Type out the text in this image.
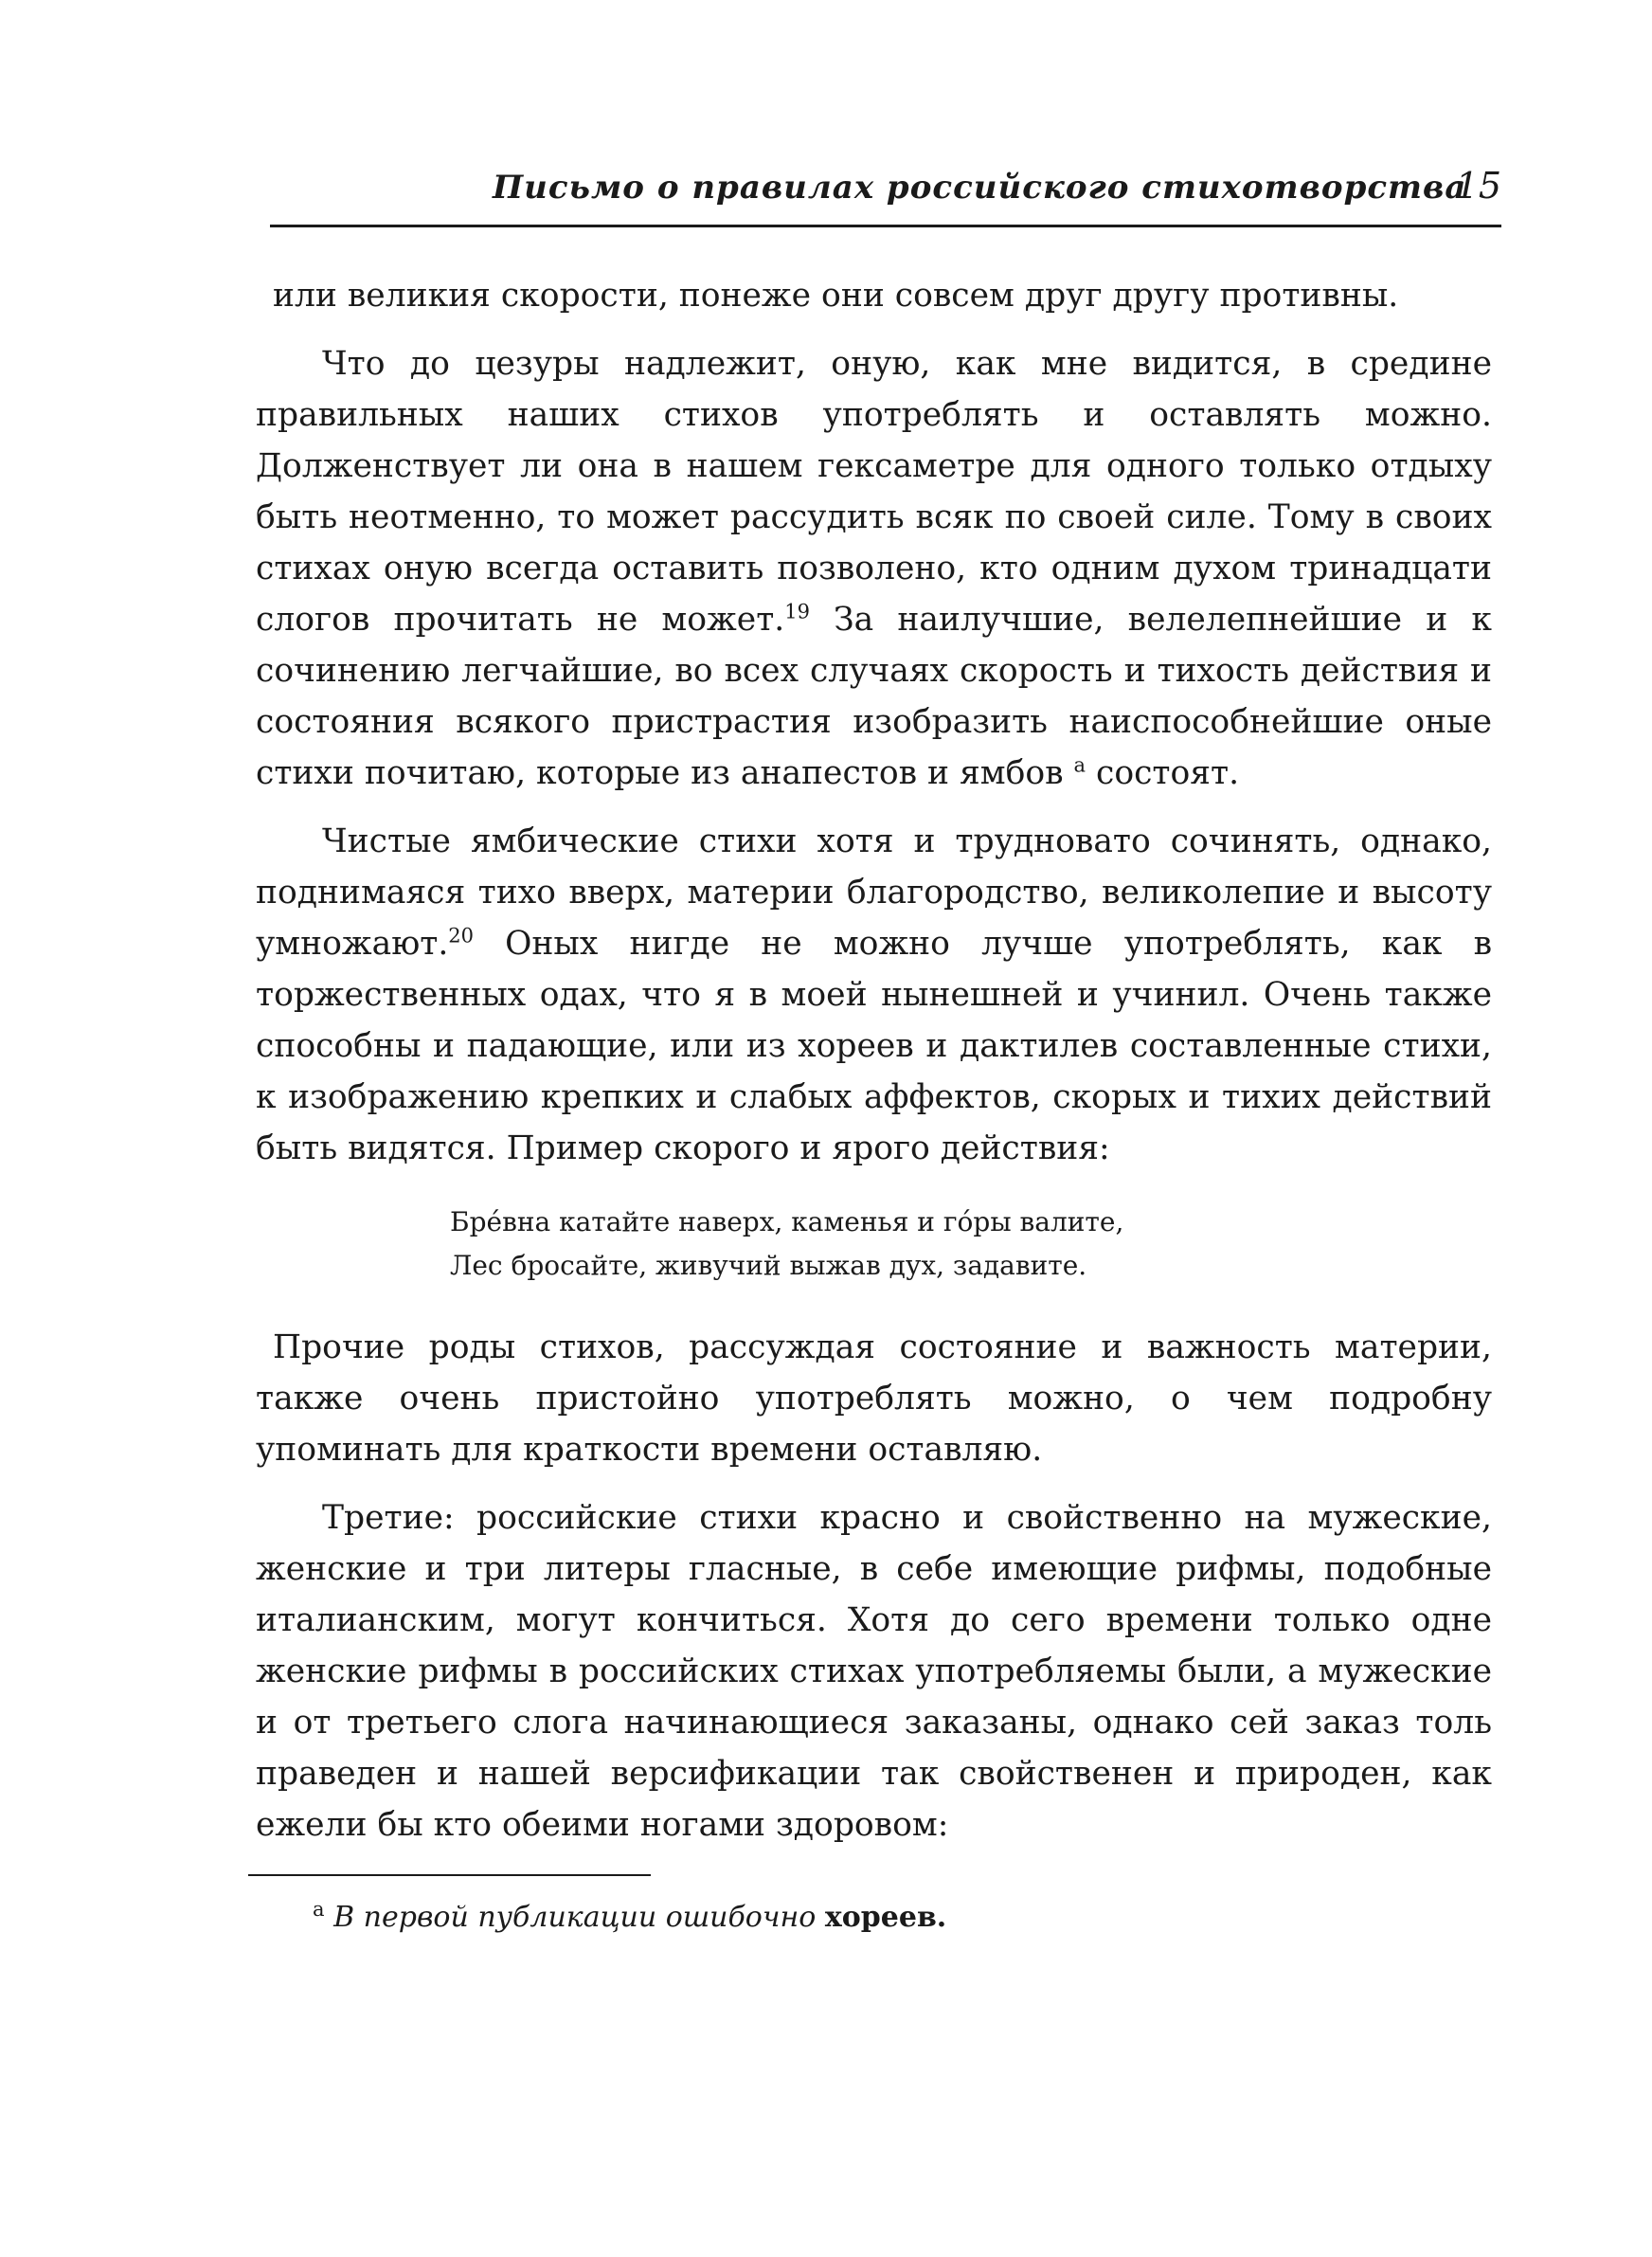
Письмо о правилах российского стихотворства
15

или великия скорости, понеже они совсем друг другу противны.

Что до цезуры надлежит, оную, как мне видится, в средине правильных наших стихов употреблять и оставлять можно. Долженствует ли она в нашем гексаметре для одного только отдыху быть неотменно, то может рассудить всяк по своей силе. Тому в своих стихах оную всегда оставить позволено, кто одним духом тринадцати слогов прочитать не может.$^{19}$ За наилучшие, велелепнейшие и к сочинению легчайшие, во всех случаях скорость и тихость действия и состояния всякого пристрастия изобразить наиспособнейшие оные стихи почитаю, которые из анапестов и ямбов $^a$ состоят.

Чистые ямбические стихи хотя и трудновато сочинять, однако, поднимаяся тихо вверх, материи благородство, великолепие и высоту умножают.$^{20}$ Оных нигде не можно лучше употреблять, как в торжественных одах, что я в моей нынешней и учинил. Очень также способны и падающие, или из хореев и дактилев составленные стихи, к изображению крепких и слабых аффектов, скорых и тихих действий быть видятся. Пример скорого и ярого действия:

Бре́вна катайте наверх, каменья и го́ры валите,
Лес бросайте, живучий выжав дух, задавите.

Прочие роды стихов, рассуждая состояние и важность материи, также очень пристойно употреблять можно, о чем подробну упоминать для краткости времени оставляю.

Третие: российские стихи красно и свойственно на мужеские, женские и три литеры гласные, в себе имеющие рифмы, подобные италианским, могут кончиться. Хотя до сего времени только одне женские рифмы в российских стихах употребляемы были, а мужеские и от третьего слога начинающиеся заказаны, однако сей заказ толь праведен и нашей версификации так свойственен и природен, как ежели бы кто обеими ногами здоровом:

$^a$ В первой публикации ошибочно хореев.
